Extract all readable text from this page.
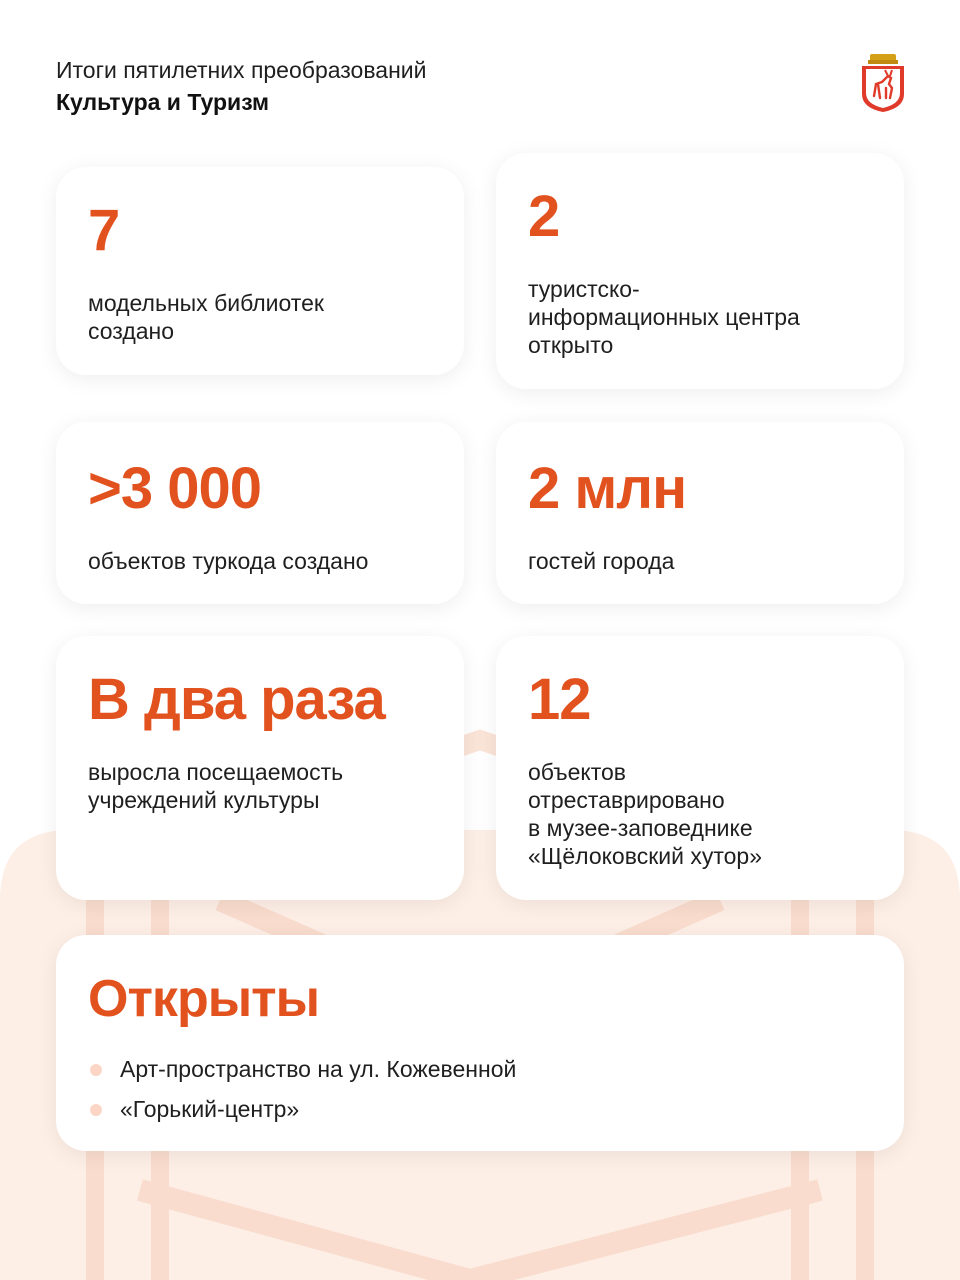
Итоги пятилетних преобразований
Культура и Туризм
7
модельных библиотек
создано
2
туристско-
информационных центра
открыто
>3 000
объектов туркода создано
2 млн
гостей города
В два раза
выросла посещаемость
учреждений культуры
12
объектов
отреставрировано
в музее-заповеднике
«Щёлоковский хутор»
Открыты
Арт-пространство на ул. Кожевенной
«Горький-центр»
